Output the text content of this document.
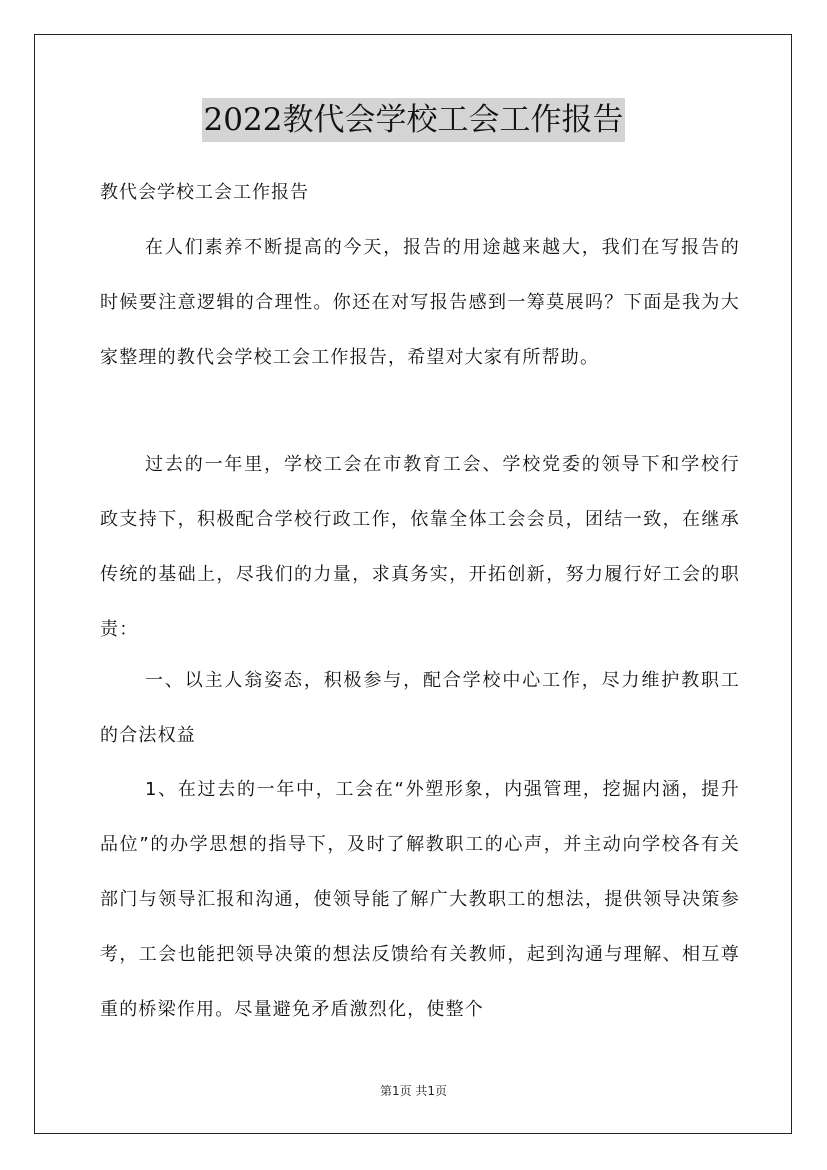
2022教代会学校工会工作报告
教代会学校工会工作报告

在人们素养不断提高的今天，报告的用途越来越大，我们在写报告的时候要注意逻辑的合理性。你还在对写报告感到一筹莫展吗？下面是我为大家整理的教代会学校工会工作报告，希望对大家有所帮助。

过去的一年里，学校工会在市教育工会、学校党委的领导下和学校行政支持下，积极配合学校行政工作，依靠全体工会会员，团结一致，在继承传统的基础上，尽我们的力量，求真务实，开拓创新，努力履行好工会的职责：

一、以主人翁姿态，积极参与，配合学校中心工作，尽力维护教职工的合法权益

1、在过去的一年中，工会在“外塑形象，内强管理，挖掘内涵，提升品位”的办学思想的指导下，及时了解教职工的心声，并主动向学校各有关部门与领导汇报和沟通，使领导能了解广大教职工的想法，提供领导决策参考，工会也能把领导决策的想法反馈给有关教师，起到沟通与理解、相互尊重的桥梁作用。尽量避免矛盾激烈化，使整个

第1页 共1页
